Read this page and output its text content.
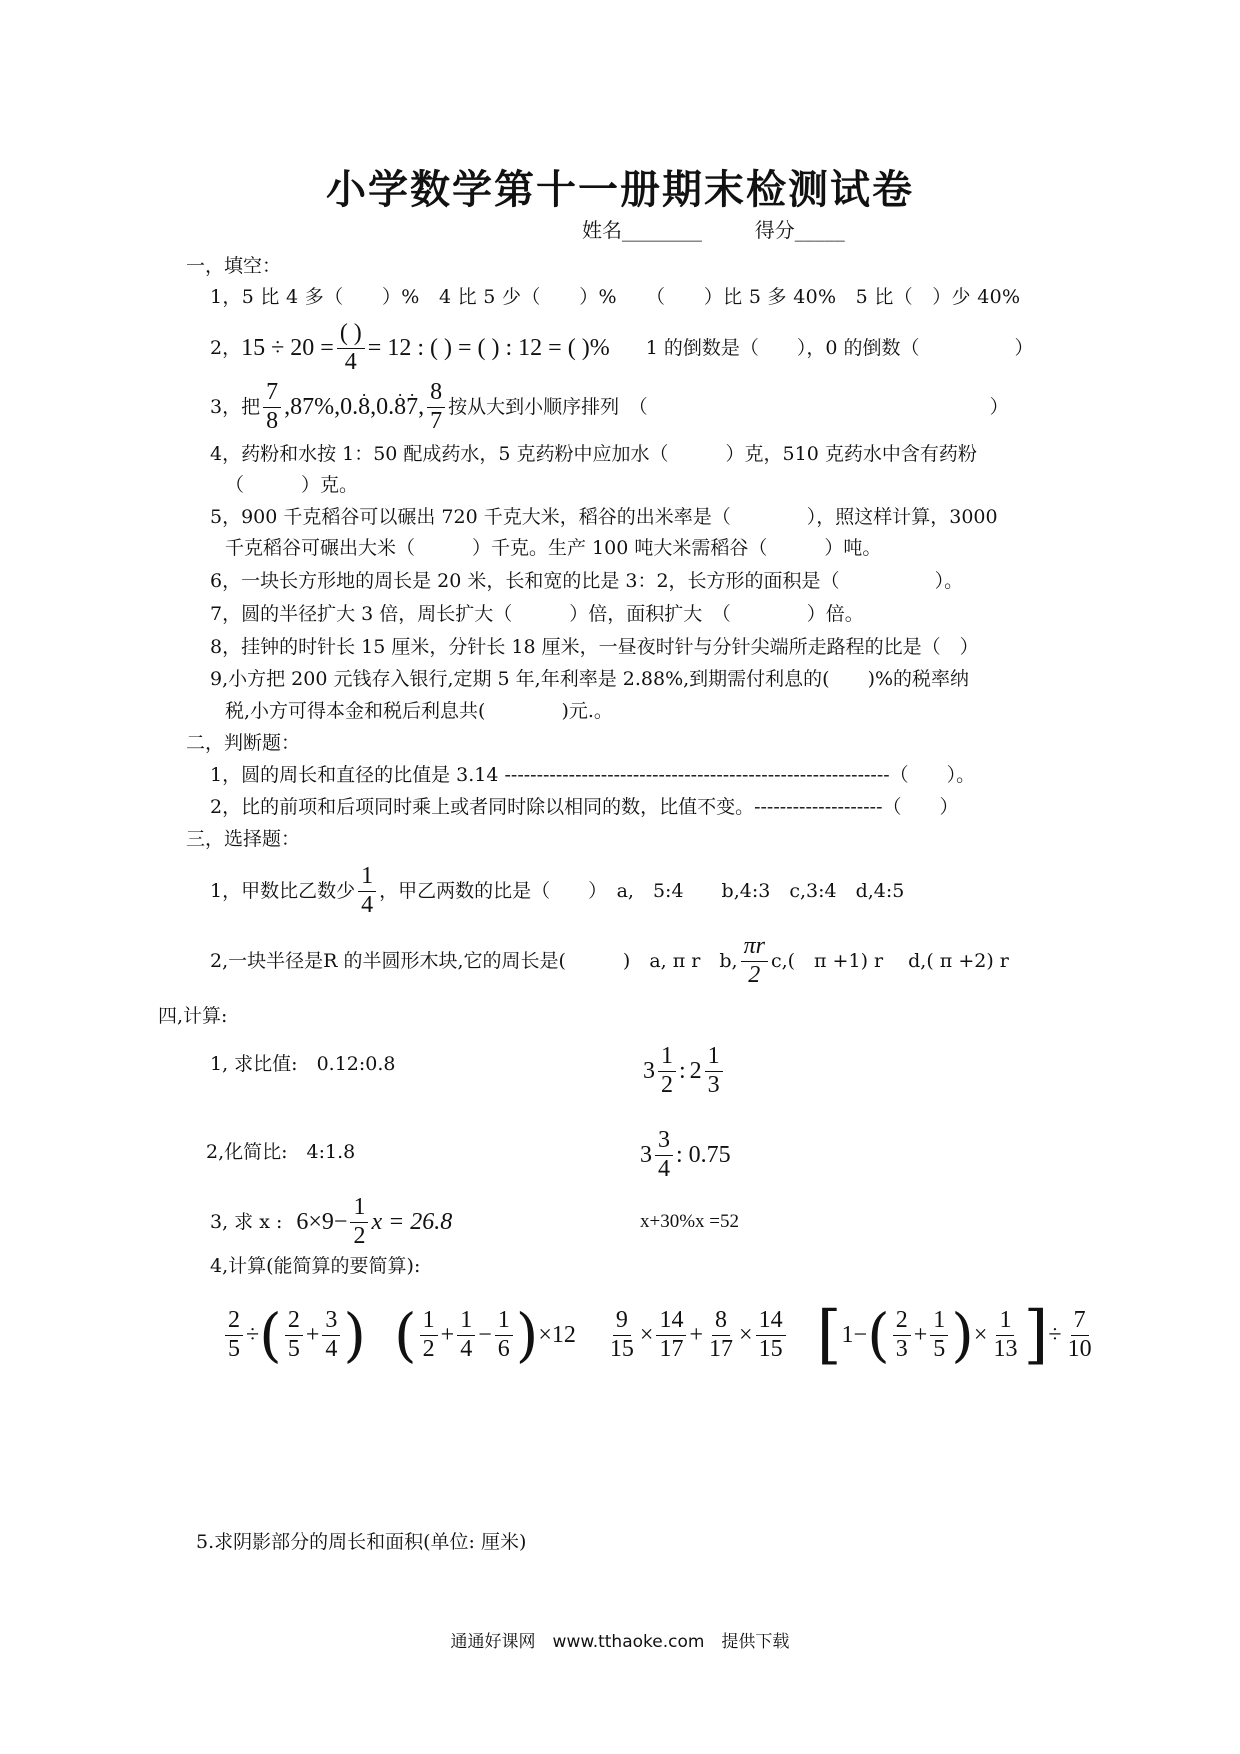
小学数学第十一册期末检测试卷
姓名________	得分_____
一，填空：
1，5 比 4 多（　　）%　4 比 5 少（　　）%　　（　　）比 5 多 40%　5 比（　）少 40%
2， $15 \div 20 = \frac{( )}{4} = 12$ : ( ) = ( ) : 12 = ( )% 1 的倒数是（　　），0 的倒数（　　　　　）
3，把 $\frac{7}{8} ,87\%,0$. 8 · ,0. 8 · 7 · , $\frac{8}{7}$ 按从大到小顺序排列　（　　　　　　　　　　　　　　　　　　）
4，药粉和水按 1：50 配成药水，5 克药粉中应加水（　　　）克，510 克药水中含有药粉
（　　　）克。
5，900 千克稻谷可以碾出 720 千克大米，稻谷的出米率是（　　　　），照这样计算，3000
千克稻谷可碾出大米（　　　）千克。生产 100 吨大米需稻谷（　　　）吨。
6，一块长方形地的周长是 20 米，长和宽的比是 3：2，长方形的面积是（　　　　　）。
7，圆的半径扩大 3 倍，周长扩大（　　　）倍，面积扩大　（　　　　）倍。
8，挂钟的时针长 15 厘米，分针长 18 厘米，一昼夜时针与分针尖端所走路程的比是（　）
9,小方把 200 元钱存入银行,定期 5 年,年利率是 2.88%,到期需付利息的(　　)%的税率纳
税,小方可得本金和税后利息共(　　　　)元.。
二，判断题：
1，圆的周长和直径的比值是 3.14 ------------------------------------------------------------（　　）。
2，比的前项和后项同时乘上或者同时除以相同的数，比值不变。--------------------（　　）
三，选择题：
1，甲数比乙数少 $\frac{1}{4}$ ，甲乙两数的比是（　　）　a,　5:4　　b,4:3　c,3:4　d,4:5
2,一块半径是R 的半圆形木块,它的周长是(　　　)　a, π r　b, $\frac{\pi r}{2} c$,(　π +1) r　 d,( π +2) r
四,计算:
1, 求比值:　0.12:0.8	$3 \frac{1}{2}$ : $2 \frac{1}{3}$
2,化简比:　4:1.8	$3 \frac{3}{4}$ : 0.75
3, 求 x : $6\times 9- \frac{1}{2}$ x = 26.8	x+30%x =52
4,计算(能简算的要简算):
$\frac{2}{5}$ ÷ ( $\frac{2}{5} + \frac{3}{4}$ ) ( $\frac{1}{2} + \frac{1}{4} - \frac{1}{6}$ ) $\times 12 \frac{9}{15} \times \frac{14}{17} + \frac{8}{17} \times \frac{14}{15}$ [ 1− ( $\frac{2}{3} + \frac{1}{5}$ ) × $\frac{1}{13}$ ] ÷ $\frac{7}{10}$
5.求阴影部分的周长和面积(单位: 厘米)
通通好课网　www.tthaoke.com　提供下载
